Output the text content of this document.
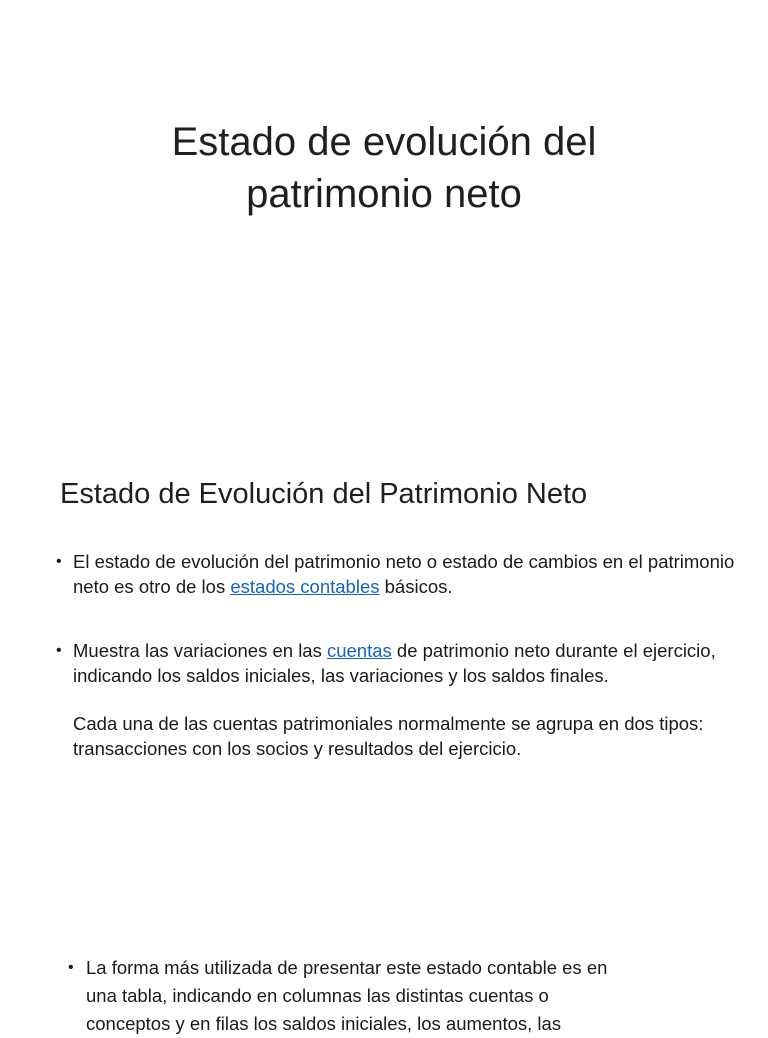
Estado de evolución del
patrimonio neto
Estado de Evolución del Patrimonio Neto
• El estado de evolución del patrimonio neto o estado de cambios en el patrimonio neto es otro de los estados contables básicos.
• Muestra las variaciones en las cuentas de patrimonio neto durante el ejercicio, indicando los saldos iniciales, las variaciones y los saldos finales.
Cada una de las cuentas patrimoniales normalmente se agrupa en dos tipos: transacciones con los socios y resultados del ejercicio.
• La forma más utilizada de presentar este estado contable es en una tabla, indicando en columnas las distintas cuentas o conceptos y en filas los saldos iniciales, los aumentos, las
